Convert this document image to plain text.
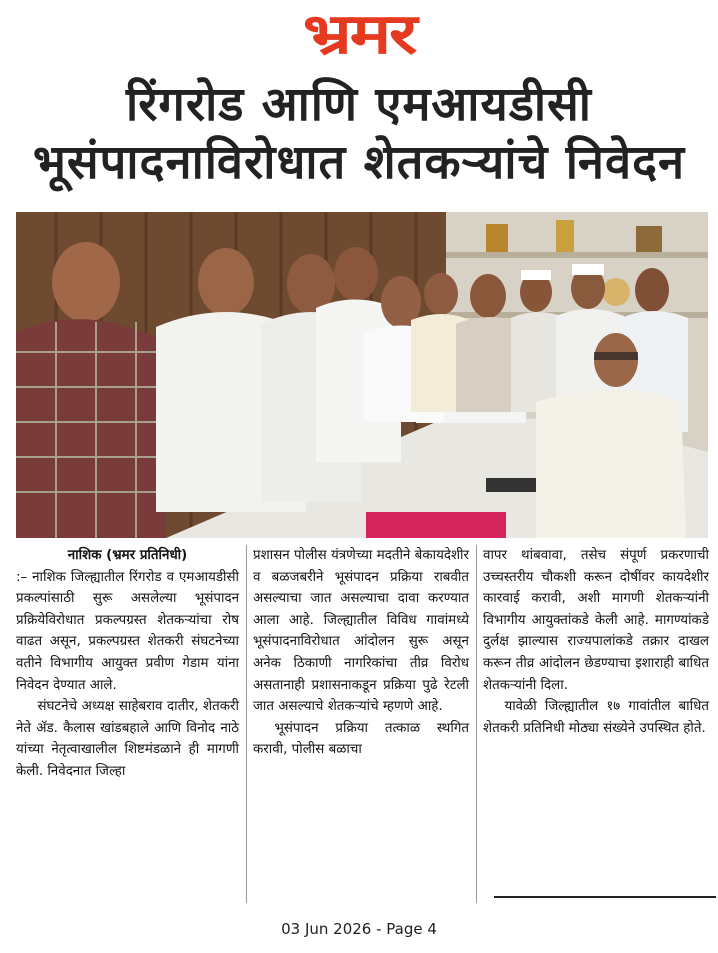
भ्रमर
रिंगरोड आणि एमआयडीसी
भूसंपादनाविरोधात शेतकऱ्यांचे निवेदन
नाशिक (भ्रमर प्रतिनिधी)

:– नाशिक जिल्ह्यातील रिंगरोड व एमआयडीसी प्रकल्पांसाठी सुरू असलेल्या भूसंपादन प्रक्रियेविरोधात प्रकल्पग्रस्त शेतकऱ्यांचा रोष वाढत असून, प्रकल्पग्रस्त शेतकरी संघटनेच्या वतीने विभागीय आयुक्त प्रवीण गेडाम यांना निवेदन देण्यात आले.

संघटनेचे अध्यक्ष साहेबराव दातीर, शेतकरी नेते ॲड. कैलास खांडबहाले आणि विनोद नाठे यांच्या नेतृत्वाखालील शिष्टमंडळाने ही मागणी केली. निवेदनात जिल्हा

प्रशासन पोलीस यंत्रणेच्या मदतीने बेकायदेशीर व बळजबरीने भूसंपादन प्रक्रिया राबवीत असल्याचा जात असल्याचा दावा करण्यात आला आहे. जिल्ह्यातील विविध गावांमध्ये भूसंपादनाविरोधात आंदोलन सुरू असून अनेक ठिकाणी नागरिकांचा तीव्र विरोध असतानाही प्रशासनाकडून प्रक्रिया पुढे रेटली जात असल्याचे शेतकऱ्यांचे म्हणणे आहे.

भूसंपादन प्रक्रिया तत्काळ स्थगित करावी, पोलीस बळाचा

वापर थांबवावा, तसेच संपूर्ण प्रकरणाची उच्चस्तरीय चौकशी करून दोषींवर कायदेशीर कारवाई करावी, अशी मागणी शेतकऱ्यांनी विभागीय आयुक्तांकडे केली आहे. मागण्यांकडे दुर्लक्ष झाल्यास राज्यपालांकडे तक्रार दाखल करून तीव्र आंदोलन छेडण्याचा इशाराही बाधित शेतकऱ्यांनी दिला.

यावेळी जिल्ह्यातील १७ गावांतील बाधित शेतकरी प्रतिनिधी मोठ्या संख्येने उपस्थित होते.

03 Jun 2026 - Page 4
